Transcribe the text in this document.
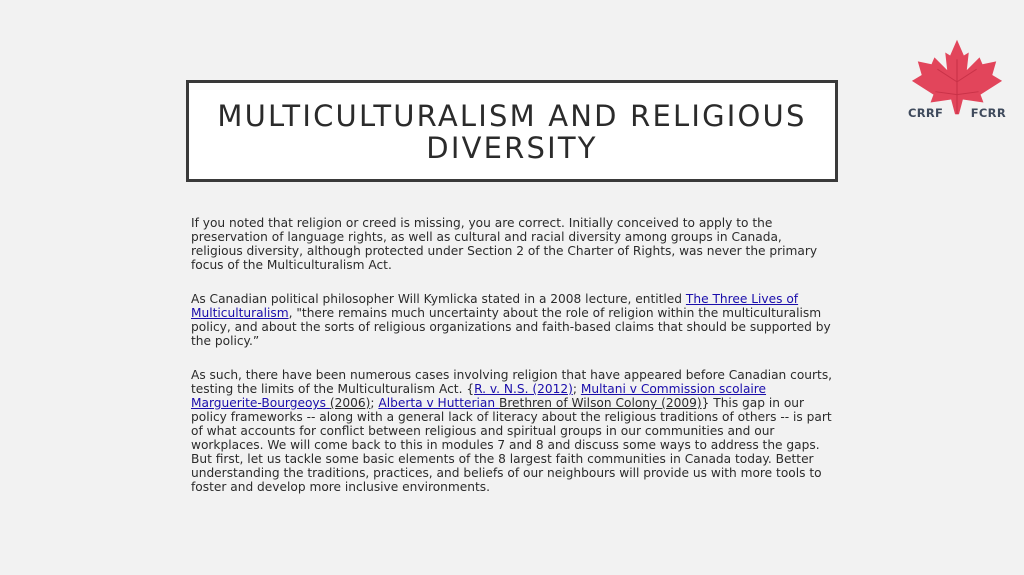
MULTICULTURALISM AND RELIGIOUS DIVERSITY
CRRF FCRR

If you noted that religion or creed is missing, you are correct. Initially conceived to apply to the preservation of language rights, as well as cultural and racial diversity among groups in Canada, religious diversity, although protected under Section 2 of the Charter of Rights, was never the primary focus of the Multiculturalism Act.

As Canadian political philosopher Will Kymlicka stated in a 2008 lecture, entitled The Three Lives of Multiculturalism, "there remains much uncertainty about the role of religion within the multiculturalism policy, and about the sorts of religious organizations and faith-based claims that should be supported by the policy.”

As such, there have been numerous cases involving religion that have appeared before Canadian courts, testing the limits of the Multiculturalism Act. {R. v. N.S. (2012); Multani v Commission scolaire Marguerite-Bourgeoys (2006); Alberta v Hutterian Brethren of Wilson Colony (2009)} This gap in our policy frameworks -- along with a general lack of literacy about the religious traditions of others -- is part of what accounts for conflict between religious and spiritual groups in our communities and our workplaces. We will come back to this in modules 7 and 8 and discuss some ways to address the gaps. But first, let us tackle some basic elements of the 8 largest faith communities in Canada today. Better understanding the traditions, practices, and beliefs of our neighbours will provide us with more tools to foster and develop more inclusive environments.
